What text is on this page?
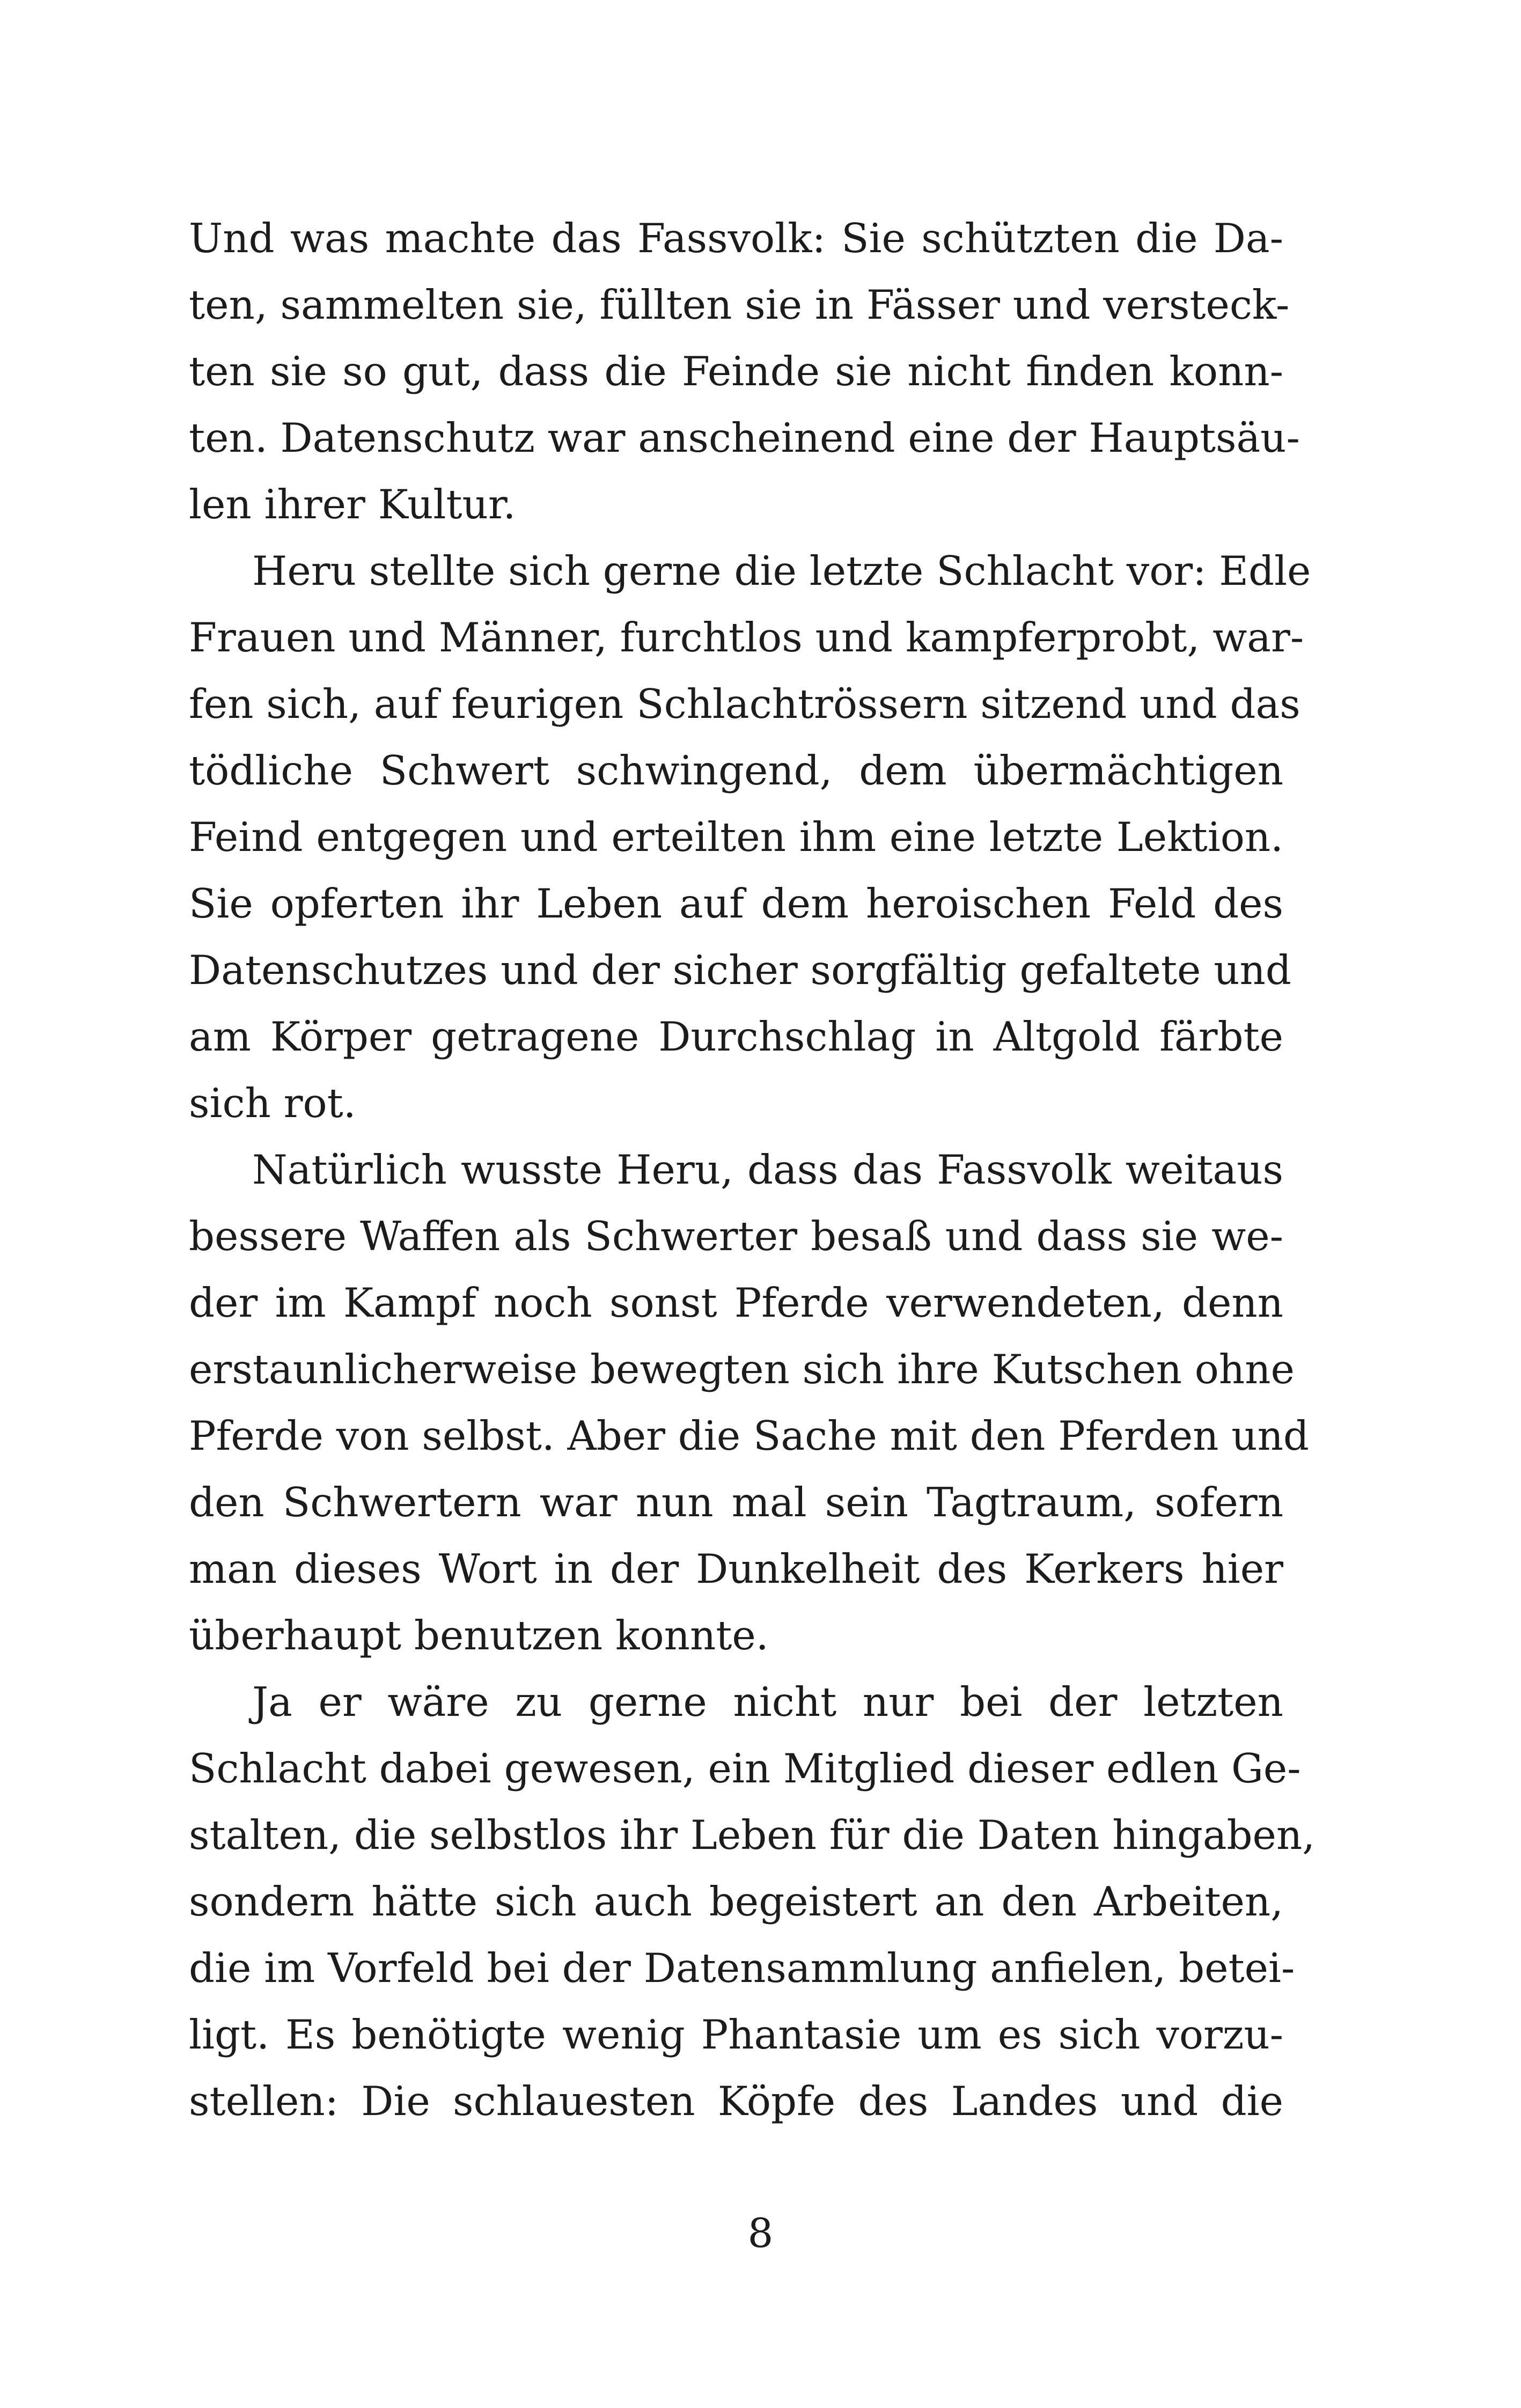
Und was machte das Fassvolk: Sie schützten die Da-
ten, sammelten sie, füllten sie in Fässer und versteck-
ten sie so gut, dass die Feinde sie nicht finden konn-
ten. Datenschutz war anscheinend eine der Hauptsäu-
len ihrer Kultur.

Heru stellte sich gerne die letzte Schlacht vor: Edle
Frauen und Männer, furchtlos und kampferprobt, war-
fen sich, auf feurigen Schlachtrössern sitzend und das
tödliche Schwert schwingend, dem übermächtigen
Feind entgegen und erteilten ihm eine letzte Lektion.
Sie opferten ihr Leben auf dem heroischen Feld des
Datenschutzes und der sicher sorgfältig gefaltete und
am Körper getragene Durchschlag in Altgold färbte
sich rot.

Natürlich wusste Heru, dass das Fassvolk weitaus
bessere Waffen als Schwerter besaß und dass sie we-
der im Kampf noch sonst Pferde verwendeten, denn
erstaunlicherweise bewegten sich ihre Kutschen ohne
Pferde von selbst. Aber die Sache mit den Pferden und
den Schwertern war nun mal sein Tagtraum, sofern
man dieses Wort in der Dunkelheit des Kerkers hier
überhaupt benutzen konnte.

Ja er wäre zu gerne nicht nur bei der letzten
Schlacht dabei gewesen, ein Mitglied dieser edlen Ge-
stalten, die selbstlos ihr Leben für die Daten hingaben,
sondern hätte sich auch begeistert an den Arbeiten,
die im Vorfeld bei der Datensammlung anfielen, betei-
ligt. Es benötigte wenig Phantasie um es sich vorzu-
stellen: Die schlauesten Köpfe des Landes und die

8
